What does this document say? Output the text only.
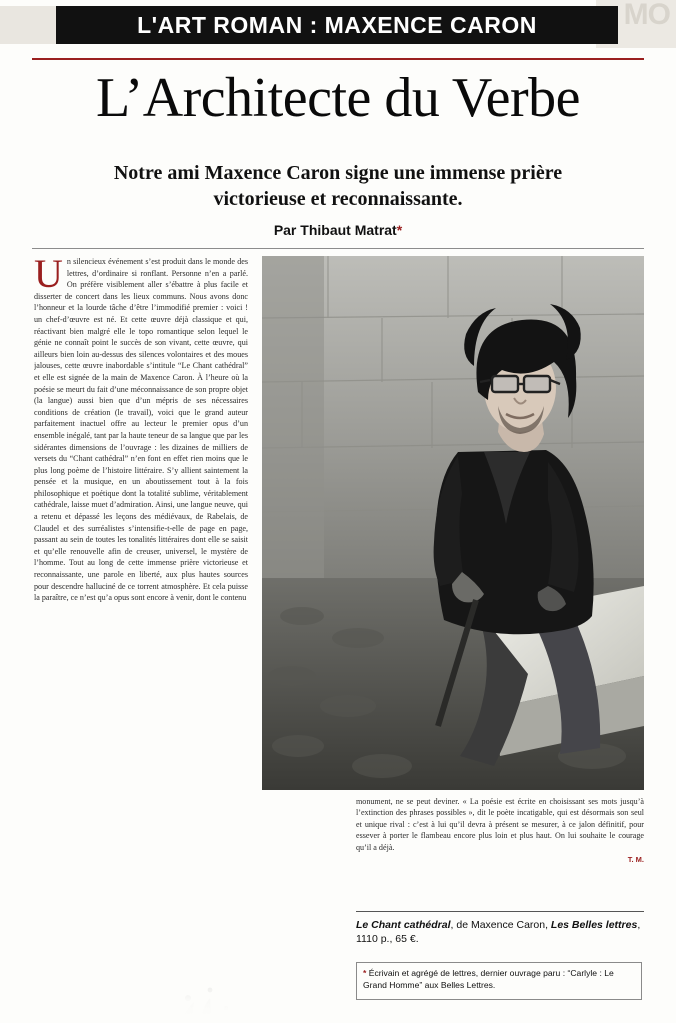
MO
L'ART ROMAN : MAXENCE CARON
L’Architecte du Verbe
Notre ami Maxence Caron signe une immense prière victorieuse et reconnaissante.
Par Thibaut Matrat*
U n silencieux événement s’est produit dans le monde des lettres, d’ordinaire si ronflant. Personne n’en a parlé. On préfère visiblement aller s’ébattre à plus facile et disserter de concert dans les lieux communs. Nous avons donc l’honneur et la lourde tâche d’être l’immodifié premier : voici ! un chef-d’œuvre est né. Et cette œuvre déjà classique et qui, réactivant bien malgré elle le topo romantique selon lequel le génie ne connaît point le succès de son vivant, cette œuvre, qui ailleurs bien loin au-dessus des silences volontaires et des moues jalouses, cette œuvre inabordable s’intitule “Le Chant cathédral” et elle est signée de la main de Maxence Caron. À l’heure où la poésie se meurt du fait d’une méconnaissance de son propre objet (la langue) aussi bien que d’un mépris de ses nécessaires conditions de création (le travail), voici que le grand auteur parfaitement inactuel offre au lecteur le premier opus d’un ensemble inégalé, tant par la haute teneur de sa langue que par les sidérantes dimensions de l’ouvrage : les dizaines de milliers de versets du “Chant cathédral” n’en font en effet rien moins que le plus long poème de l’histoire littéraire. S’y allient saintement la pensée et la musique, en un aboutissement tout à la fois philosophique et poétique dont la totalité sublime, véritablement cathédrale, laisse muet d’admiration. Ainsi, une langue neuve, qui a retenu et dépassé les leçons des médiévaux, de Rabelais, de Claudel et des surréalistes s’intensifie-t-elle de page en page, passant au sein de toutes les tonalités littéraires dont elle se saisit et qu’elle renouvelle afin de creuser, universel, le mystère de l’homme. Tout au long de cette immense prière victorieuse et reconnaissante, une parole en liberté, aux plus hautes sources pour descendre halluciné de ce torrent atmosphère. Et cela puisse la paraître, ce n’est qu’a opus sont encore à venir, dont le contenu
monument, ne se peut deviner. « La poésie est écrite en choisissant ses mots jusqu’à l’extinction des phrases possibles », dit le poète incatigable, qui est désormais son seul et unique rival : c’est à lui qu’il devra à présent se mesurer, à ce jalon définitif, pour essever à porter le flambeau encore plus loin et plus haut. On lui souhaite le courage qu’il a déjà.
T. M.
Le Chant cathédral, de Maxence Caron, Les Belles lettres, 1110 p., 65 €.
* Écrivain et agrégé de lettres, dernier ouvrage paru : “Carlyle : Le Grand Homme” aux Belles Lettres.
